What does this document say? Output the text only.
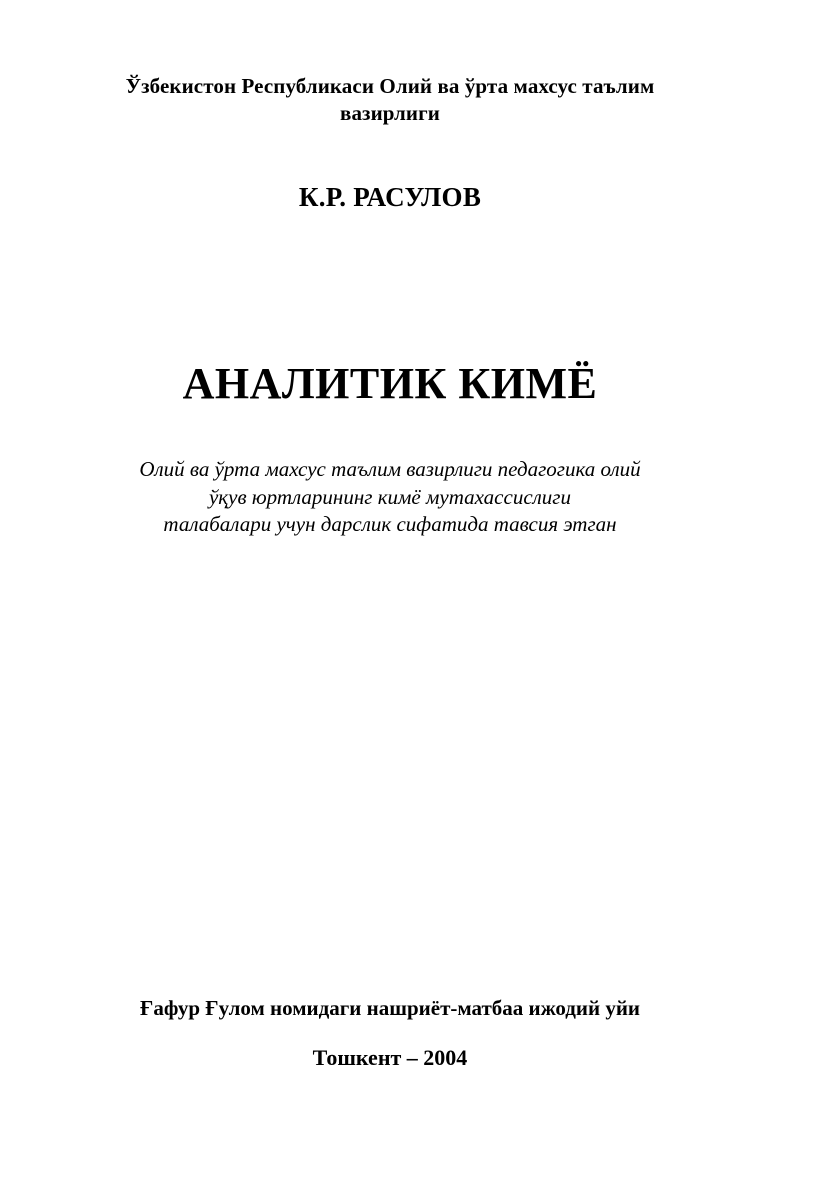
Ўзбекистон Республикаси Олий ва ўрта махсус таълим
вазирлиги
К.Р. РАСУЛОВ
АНАЛИТИК КИМЁ
Олий ва ўрта махсус таълим вазирлиги педагогика олий
ўқув юртларининг кимё мутахассислиги
талабалари учун дарслик сифатида тавсия этган
Ғафур Ғулом номидаги нашриёт-матбаа ижодий уйи
Тошкент – 2004
